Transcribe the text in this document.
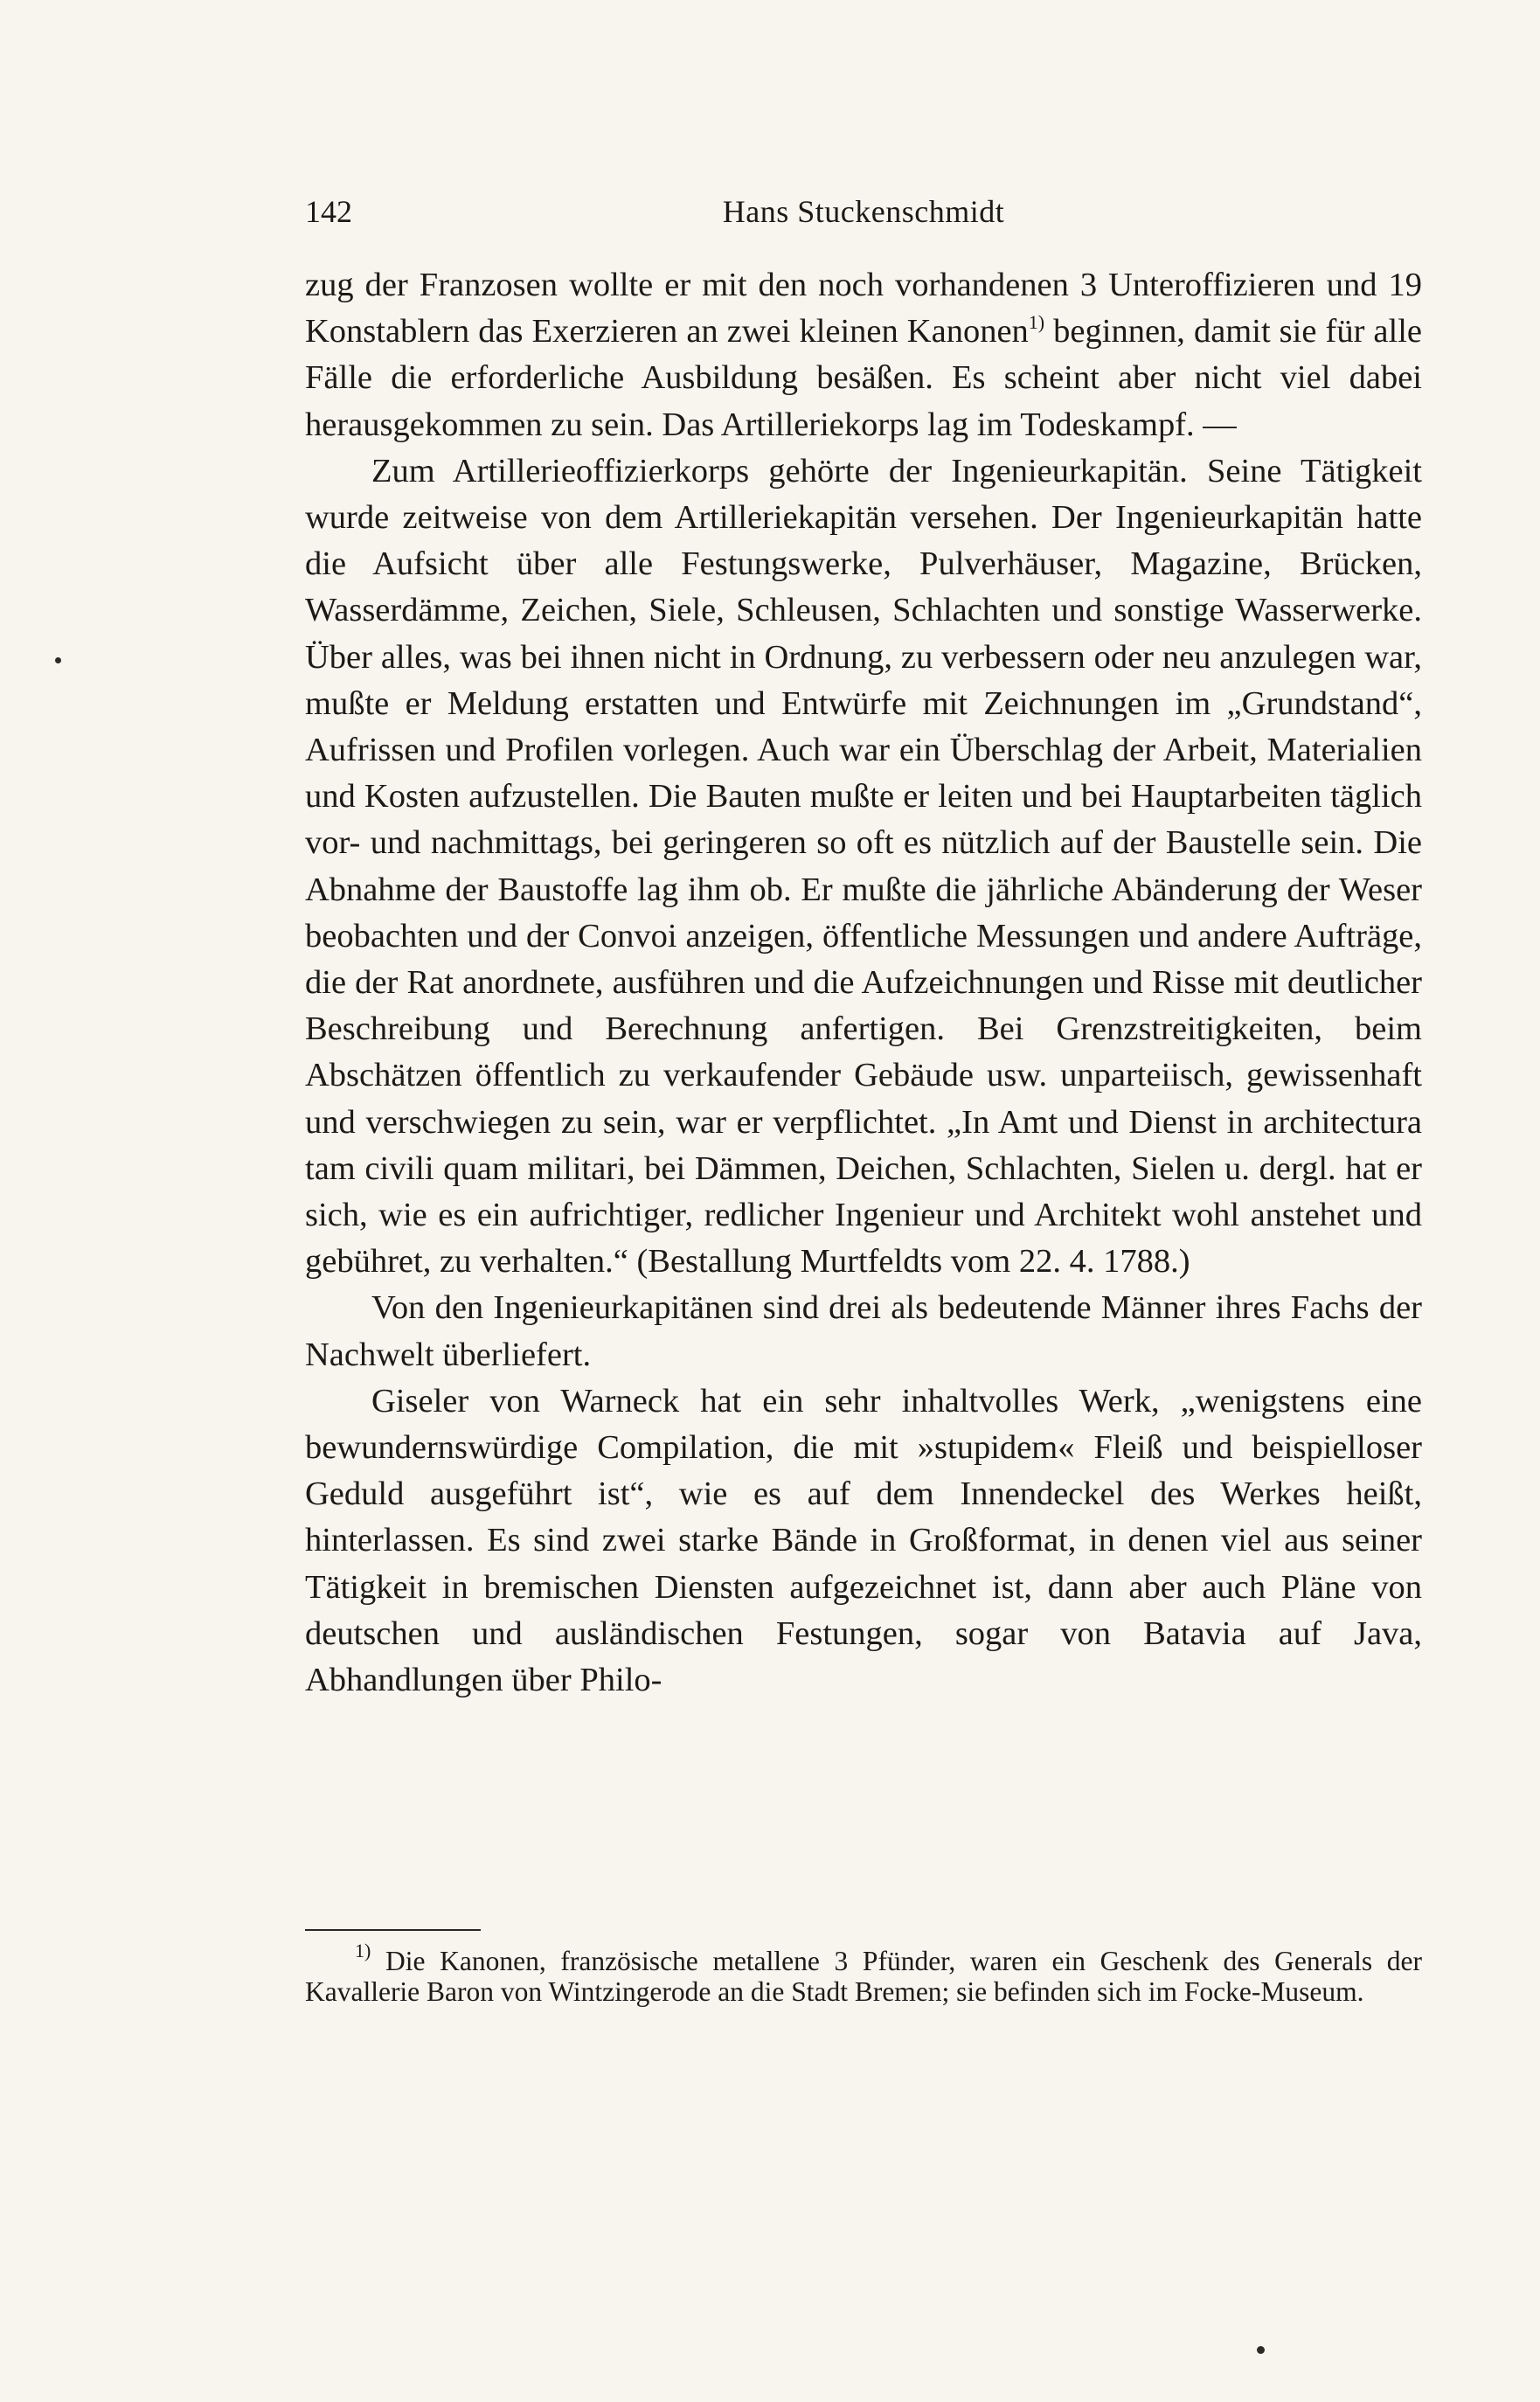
142	Hans Stuckenschmidt

zug der Franzosen wollte er mit den noch vorhandenen 3 Unteroffizieren und 19 Konstablern das Exerzieren an zwei kleinen Kanonen$^{1)}$ beginnen, damit sie für alle Fälle die erforderliche Ausbildung besäßen. Es scheint aber nicht viel dabei herausgekommen zu sein. Das Artilleriekorps lag im Todeskampf. —

Zum Artillerieoffizierkorps gehörte der Ingenieurkapitän. Seine Tätigkeit wurde zeitweise von dem Artilleriekapitän versehen. Der Ingenieurkapitän hatte die Aufsicht über alle Festungswerke, Pulverhäuser, Magazine, Brücken, Wasserdämme, Zeichen, Siele, Schleusen, Schlachten und sonstige Wasserwerke. Über alles, was bei ihnen nicht in Ordnung, zu verbessern oder neu anzulegen war, mußte er Meldung erstatten und Entwürfe mit Zeichnungen im „Grundstand“, Aufrissen und Profilen vorlegen. Auch war ein Überschlag der Arbeit, Materialien und Kosten aufzustellen. Die Bauten mußte er leiten und bei Hauptarbeiten täglich vor- und nachmittags, bei geringeren so oft es nützlich auf der Baustelle sein. Die Abnahme der Baustoffe lag ihm ob. Er mußte die jährliche Abänderung der Weser beobachten und der Convoi anzeigen, öffentliche Messungen und andere Aufträge, die der Rat anordnete, ausführen und die Aufzeichnungen und Risse mit deutlicher Beschreibung und Berechnung anfertigen. Bei Grenzstreitigkeiten, beim Abschätzen öffentlich zu verkaufender Gebäude usw. unparteiisch, gewissenhaft und verschwiegen zu sein, war er verpflichtet. „In Amt und Dienst in architectura tam civili quam militari, bei Dämmen, Deichen, Schlachten, Sielen u. dergl. hat er sich, wie es ein aufrichtiger, redlicher Ingenieur und Architekt wohl anstehet und gebühret, zu verhalten.“ (Bestallung Murtfeldts vom 22. 4. 1788.)

Von den Ingenieurkapitänen sind drei als bedeutende Männer ihres Fachs der Nachwelt überliefert.

Giseler von Warneck hat ein sehr inhaltvolles Werk, „wenigstens eine bewundernswürdige Compilation, die mit »stupidem« Fleiß und beispielloser Geduld ausgeführt ist“, wie es auf dem Innendeckel des Werkes heißt, hinterlassen. Es sind zwei starke Bände in Großformat, in denen viel aus seiner Tätigkeit in bremischen Diensten aufgezeichnet ist, dann aber auch Pläne von deutschen und ausländischen Festungen, sogar von Batavia auf Java, Abhandlungen über Philo-

$^{1)}$ Die Kanonen, französische metallene 3 Pfünder, waren ein Geschenk des Generals der Kavallerie Baron von Wintzingerode an die Stadt Bremen; sie befinden sich im Focke-Museum.
